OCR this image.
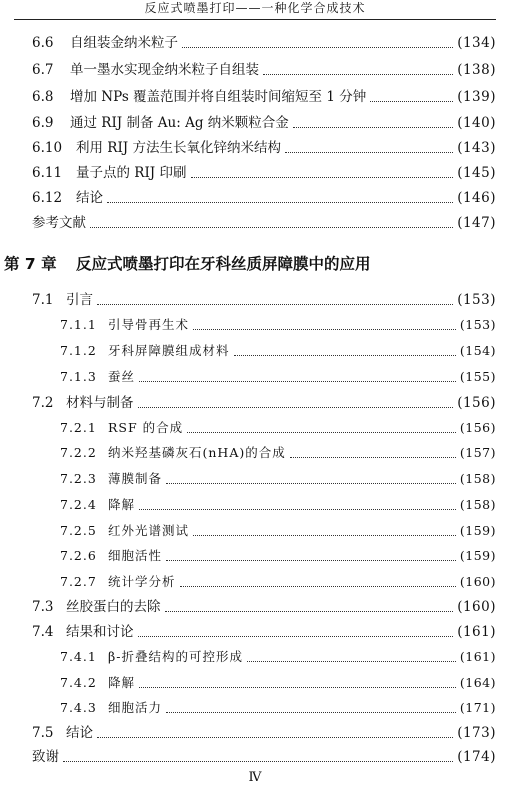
反应式喷墨打印——一种化学合成技术
6.6	自组装金纳米粒子	(134)
6.7	单一墨水实现金纳米粒子自组装	(138)
6.8	增加 NPs 覆盖范围并将自组装时间缩短至 1 分钟	(139)
6.9	通过 RIJ 制备 Au: Ag 纳米颗粒合金	(140)
6.10	利用 RIJ 方法生长氧化锌纳米结构	(143)
6.11	量子点的 RIJ 印刷	(145)
6.12	结论	(146)
参考文献	(147)
第 7 章 反应式喷墨打印在牙科丝质屏障膜中的应用
7.1 引言	(153)
7.1.1 引导骨再生术	(153)
7.1.2 牙科屏障膜组成材料	(154)
7.1.3 蚕丝	(155)
7.2 材料与制备	(156)
7.2.1 RSF 的合成	(156)
7.2.2 纳米羟基磷灰石(nHA)的合成	(157)
7.2.3 薄膜制备	(158)
7.2.4 降解	(158)
7.2.5 红外光谱测试	(159)
7.2.6 细胞活性	(159)
7.2.7 统计学分析	(160)
7.3 丝胶蛋白的去除	(160)
7.4 结果和讨论	(161)
7.4.1 β-折叠结构的可控形成	(161)
7.4.2 降解	(164)
7.4.3 细胞活力	(171)
7.5 结论	(173)
致谢	(174)
Ⅳ
